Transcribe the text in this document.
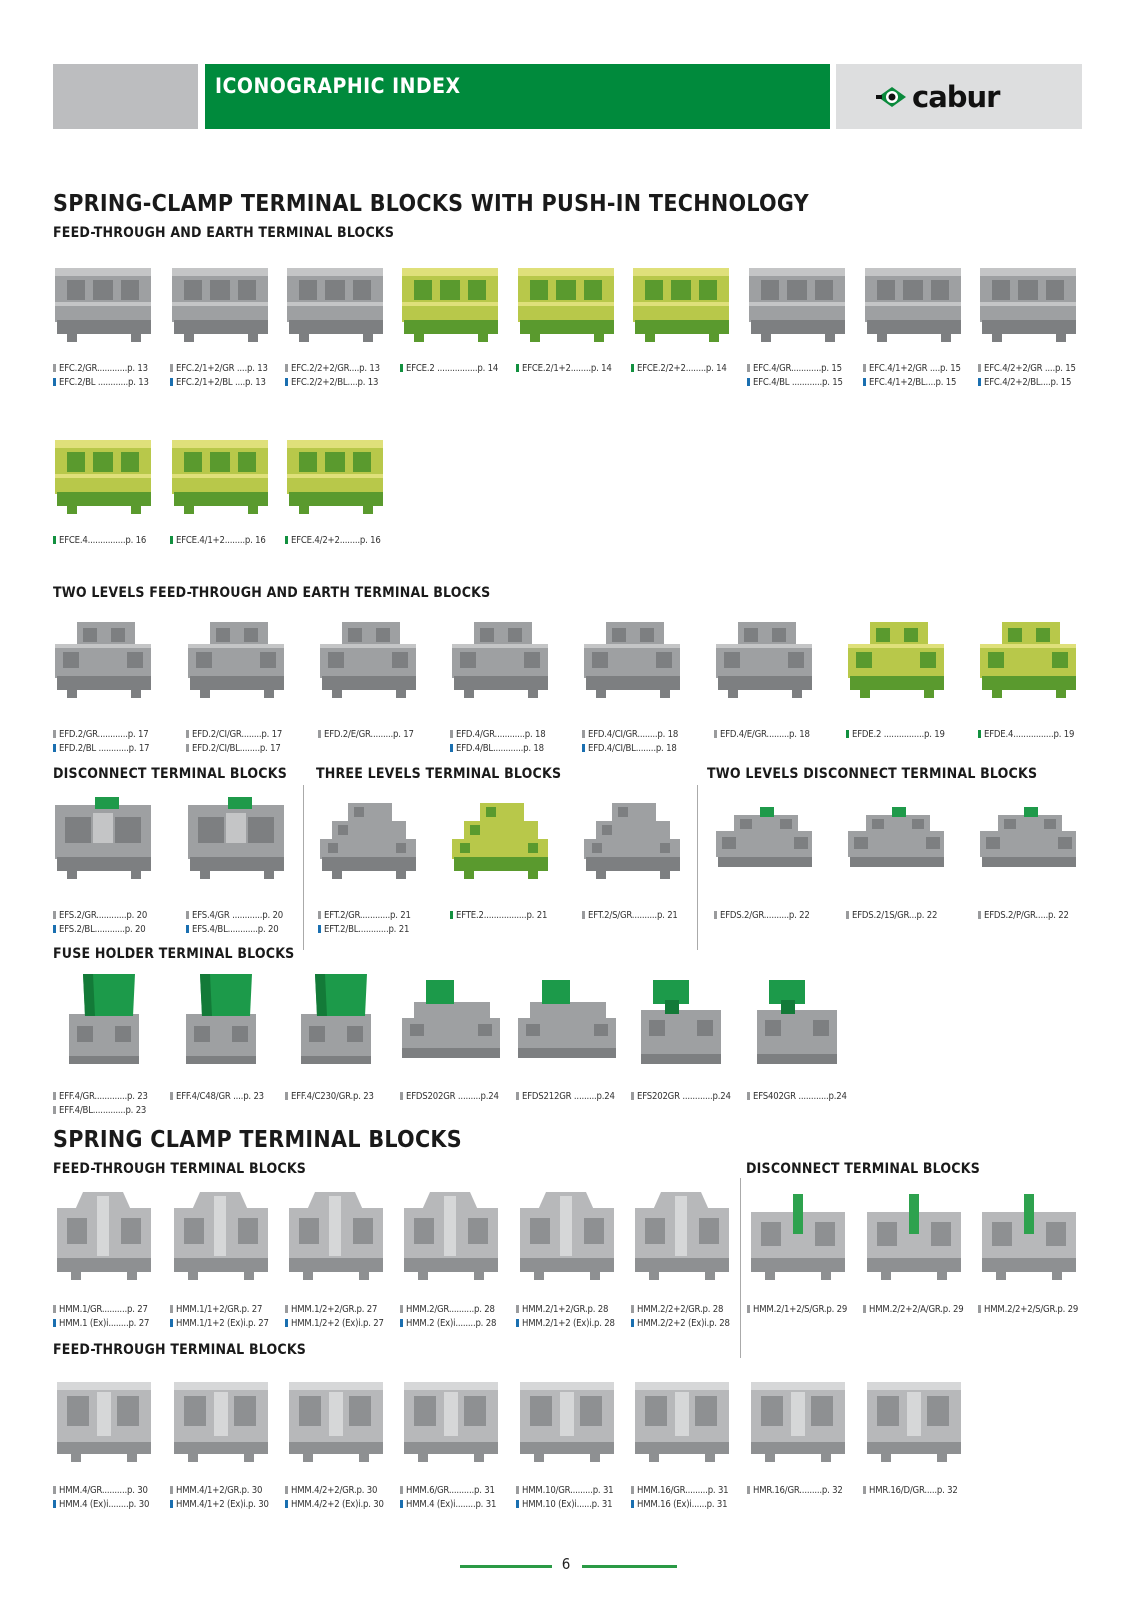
ICONOGRAPHIC INDEX	cabur
SPRING-CLAMP TERMINAL BLOCKS WITH PUSH-IN TECHNOLOGY
FEED-THROUGH AND EARTH TERMINAL BLOCKS
TWO LEVELS FEED-THROUGH AND EARTH TERMINAL BLOCKS
DISCONNECT TERMINAL BLOCKS THREE LEVELS TERMINAL BLOCKS	TWO LEVELS DISCONNECT TERMINAL BLOCKS
FUSE HOLDER TERMINAL BLOCKS
SPRING CLAMP TERMINAL BLOCKS
FEED-THROUGH TERMINAL BLOCKS	DISCONNECT TERMINAL BLOCKS
FEED-THROUGH TERMINAL BLOCKS
EFC.2/GR............p. 13
EFC.2/BL ............p. 13
EFC.2/1+2/GR ....p. 13
EFC.2/1+2/BL ....p. 13
EFC.2/2+2/GR....p. 13
EFC.2/2+2/BL....p. 13
EFCE.2 ................p. 14	EFCE.2/1+2........p. 14	EFCE.2/2+2........p. 14	EFC.4/GR............p. 15
EFC.4/BL ............p. 15
EFC.4/1+2/GR ....p. 15
EFC.4/1+2/BL....p. 15
EFC.4/2+2/GR ....p. 15
EFC.4/2+2/BL....p. 15
EFCE.4...............p. 16	EFCE.4/1+2........p. 16	EFCE.4/2+2........p. 16
EFD.2/GR............p. 17
EFD.2/BL ............p. 17
EFD.2/CI/GR........p. 17
EFD.2/CI/BL........p. 17
EFD.2/E/GR.........p. 17	EFD.4/GR............p. 18
EFD.4/BL............p. 18
EFD.4/CI/GR........p. 18
EFD.4/CI/BL........p. 18
EFD.4/E/GR.........p. 18	EFDE.2 ................p. 19	EFDE.4................p. 19
EFS.2/GR............p. 20
EFS.2/BL............p. 20
EFS.4/GR ............p. 20
EFS.4/BL............p. 20
EFT.2/GR............p. 21
EFT.2/BL............p. 21
EFTE.2.................p. 21	EFT.2/S/GR..........p. 21	EFDS.2/GR..........p. 22	EFDS.2/1S/GR...p. 22	EFDS.2/P/GR.....p. 22
EFF.4/GR.............p. 23
EFF.4/BL.............p. 23
EFF.4/C48/GR ....p. 23	EFF.4/C230/GR.p. 23	EFDS202GR .........p.24	EFDS212GR .........p.24	EFS202GR ............p.24	EFS402GR ............p.24
HMM.1/GR..........p. 27
HMM.1 (Ex)i........p. 27
HMM.1/1+2/GR.p. 27
HMM.1/1+2 (Ex)i.p. 27
HMM.1/2+2/GR.p. 27
HMM.1/2+2 (Ex)i.p. 27
HMM.2/GR..........p. 28
HMM.2 (Ex)i........p. 28
HMM.2/1+2/GR.p. 28
HMM.2/1+2 (Ex)i.p. 28
HMM.2/2+2/GR.p. 28
HMM.2/2+2 (Ex)i.p. 28
HMM.2/1+2/S/GR.p. 29	HMM.2/2+2/A/GR.p. 29	HMM.2/2+2/S/GR.p. 29
HMM.4/GR..........p. 30
HMM.4 (Ex)i........p. 30
HMM.4/1+2/GR.p. 30
HMM.4/1+2 (Ex)i.p. 30
HMM.4/2+2/GR.p. 30
HMM.4/2+2 (Ex)i.p. 30
HMM.6/GR..........p. 31
HMM.4 (Ex)i........p. 31
HMM.10/GR.........p. 31
HMM.10 (Ex)i......p. 31
HMM.16/GR.........p. 31
HMM.16 (Ex)i......p. 31
HMR.16/GR.........p. 32	HMR.16/D/GR.....p. 32
6
